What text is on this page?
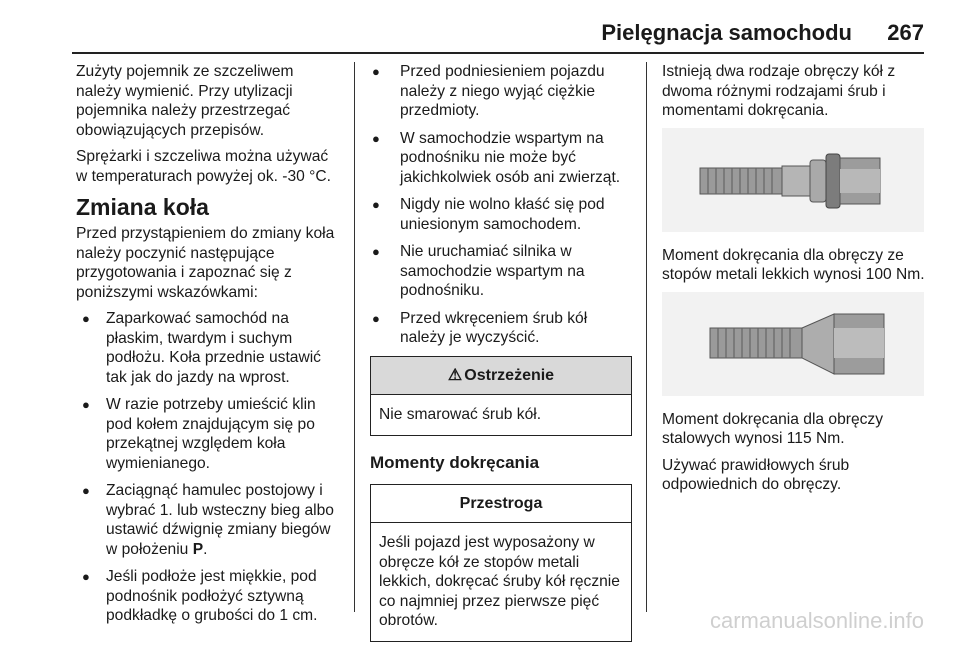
Pielęgnacja samochodu 267

Zużyty pojemnik ze szczeliwem należy wymienić. Przy utylizacji pojemnika należy przestrzegać obowiązujących przepisów.

Sprężarki i szczeliwa można używać w temperaturach powyżej ok. -30 °C.

Zmiana koła

Przed przystąpieniem do zmiany koła należy poczynić następujące przygotowania i zapoznać się z poniższymi wskazówkami:

● Zaparkować samochód na płaskim, twardym i suchym podłożu. Koła przednie ustawić tak jak do jazdy na wprost.
● W razie potrzeby umieścić klin pod kołem znajdującym się po przekątnej względem koła wymienianego.
● Zaciągnąć hamulec postojowy i wybrać 1. lub wsteczny bieg albo ustawić dźwignię zmiany biegów w położeniu P.
● Jeśli podłoże jest miękkie, pod podnośnik podłożyć sztywną podkładkę o grubości do 1 cm.
● Przed podniesieniem pojazdu należy z niego wyjąć ciężkie przedmioty.
● W samochodzie wspartym na podnośniku nie może być jakichkolwiek osób ani zwierząt.
● Nigdy nie wolno kłaść się pod uniesionym samochodem.
● Nie uruchamiać silnika w samochodzie wspartym na podnośniku.
● Przed wkręceniem śrub kół należy je wyczyścić.
⚠ Ostrzeżenie
Nie smarować śrub kół.
Momenty dokręcania
Przestroga
Jeśli pojazd jest wyposażony w obręcze kół ze stopów metali lekkich, dokręcać śruby kół ręcznie co najmniej przez pierwsze pięć obrotów.

Istnieją dwa rodzaje obręczy kół z dwoma różnymi rodzajami śrub i momentami dokręcania.

Moment dokręcania dla obręczy ze stopów metali lekkich wynosi 100 Nm.

Moment dokręcania dla obręczy stalowych wynosi 115 Nm.

Używać prawidłowych śrub odpowiednich do obręczy.

carmanualsonline.info
